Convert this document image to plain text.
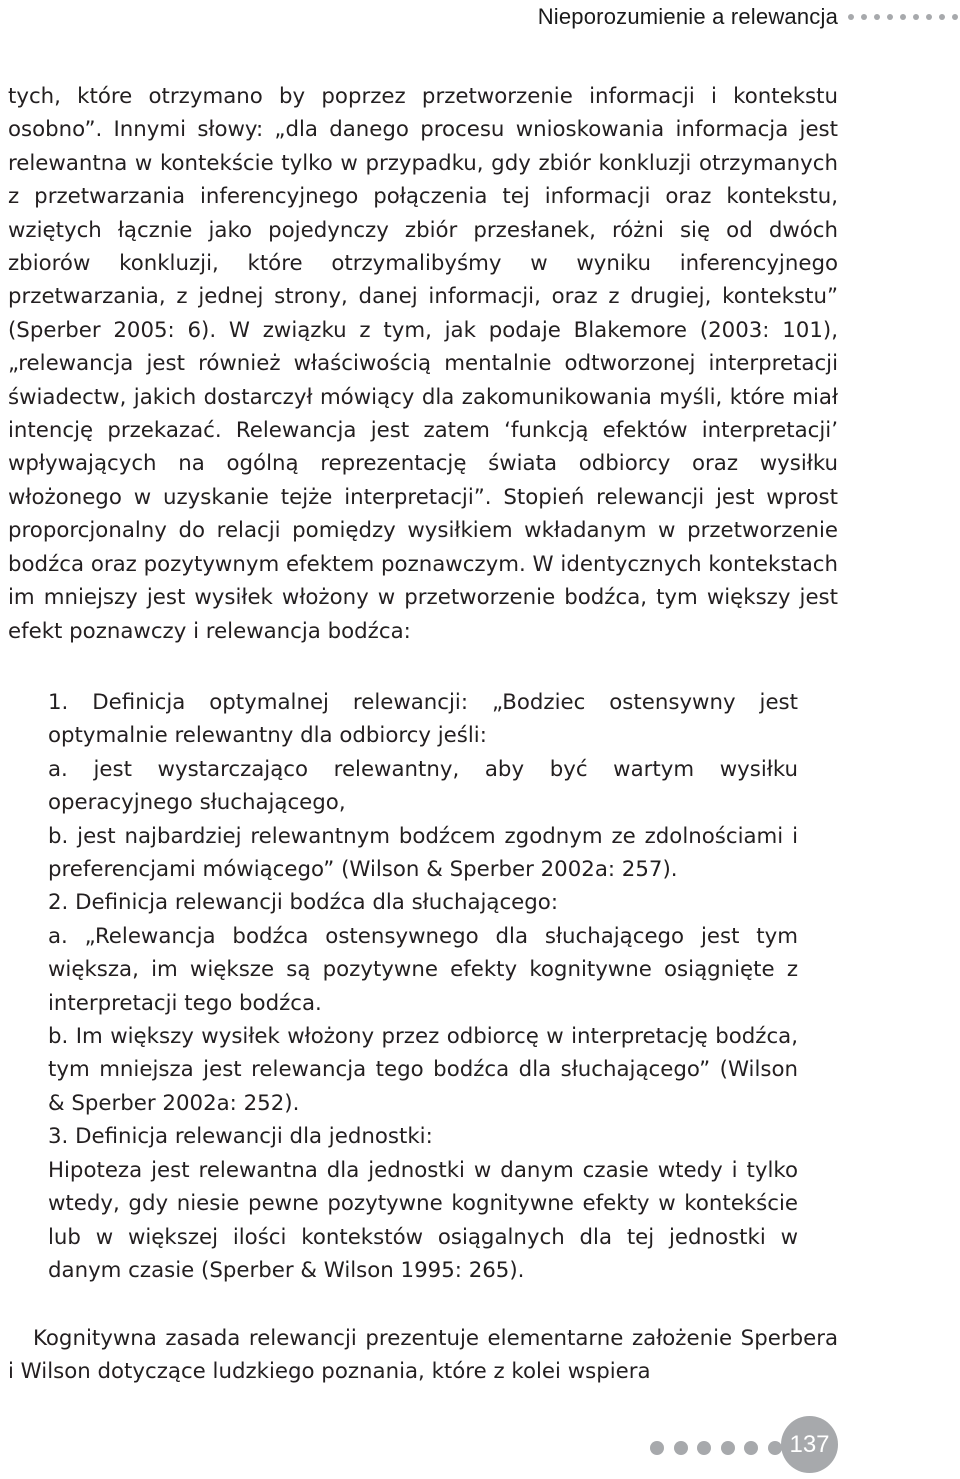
Nieporozumienie a relewancja
tych, które otrzymano by poprzez przetworzenie informacji i kontekstu osobno”. Innymi słowy: „dla danego procesu wnioskowania informacja jest relewantna w kontekście tylko w przypadku, gdy zbiór konkluzji otrzymanych z przetwarzania inferencyjnego połączenia tej informacji oraz kontekstu, wziętych łącznie jako pojedynczy zbiór przesłanek, różni się od dwóch zbiorów konkluzji, które otrzymalibyśmy w wyniku inferencyjnego przetwarzania, z jednej strony, danej informacji, oraz z drugiej, kontekstu” (Sperber 2005: 6). W związku z tym, jak podaje Blakemore (2003: 101), „relewancja jest również właściwością mentalnie odtworzonej interpretacji świadectw, jakich dostarczył mówiący dla zakomunikowania myśli, które miał intencję przekazać. Relewancja jest zatem ‘funkcją efektów interpretacji’ wpływających na ogólną reprezentację świata odbiorcy oraz wysiłku włożonego w uzyskanie tejże interpretacji”. Stopień relewancji jest wprost proporcjonalny do relacji pomiędzy wysiłkiem wkładanym w przetworzenie bodźca oraz pozytywnym efektem poznawczym. W identycznych kontekstach im mniejszy jest wysiłek włożony w przetworzenie bodźca, tym większy jest efekt poznawczy i relewancja bodźca:
1. Definicja optymalnej relewancji: „Bodziec ostensywny jest optymalnie relewantny dla odbiorcy jeśli:
a. jest wystarczająco relewantny, aby być wartym wysiłku operacyjnego słuchającego,
b. jest najbardziej relewantnym bodźcem zgodnym ze zdolnościami i preferencjami mówiącego” (Wilson & Sperber 2002a: 257).
2. Definicja relewancji bodźca dla słuchającego:
a. „Relewancja bodźca ostensywnego dla słuchającego jest tym większa, im większe są pozytywne efekty kognitywne osiągnięte z interpretacji tego bodźca.
b. Im większy wysiłek włożony przez odbiorcę w interpretację bodźca, tym mniejsza jest relewancja tego bodźca dla słuchającego” (Wilson & Sperber 2002a: 252).
3. Definicja relewancji dla jednostki:
Hipoteza jest relewantna dla jednostki w danym czasie wtedy i tylko wtedy, gdy niesie pewne pozytywne kognitywne efekty w kontekście lub w większej ilości kontekstów osiągalnych dla tej jednostki w danym czasie (Sperber & Wilson 1995: 265).
Kognitywna zasada relewancji prezentuje elementarne założenie Sperbera i Wilson dotyczące ludzkiego poznania, które z kolei wspiera
137
